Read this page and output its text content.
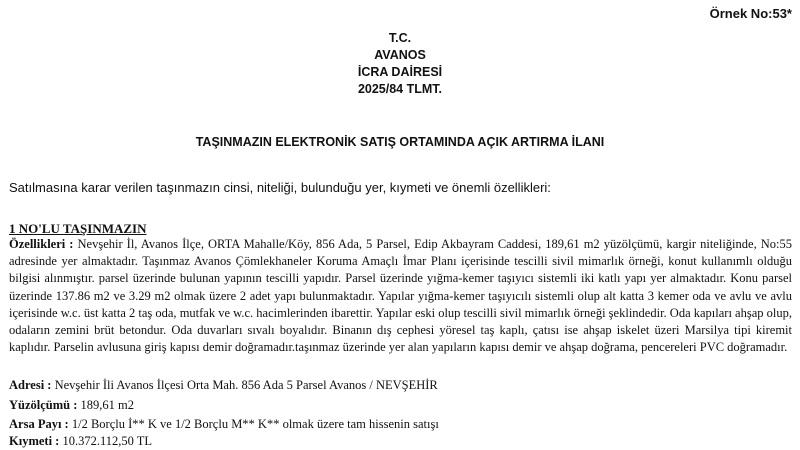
Örnek No:53*
T.C.
AVANOS
İCRA DAİRESİ
2025/84 TLMT.
TAŞINMAZIN ELEKTRONİK SATIŞ ORTAMINDA AÇIK ARTIRMA İLANI
Satılmasına karar verilen taşınmazın cinsi, niteliği, bulunduğu yer, kıymeti ve önemli özellikleri:
1 NO'LU TAŞINMAZIN
Özellikleri : Nevşehir İl, Avanos İlçe, ORTA Mahalle/Köy, 856 Ada, 5 Parsel, Edip Akbayram Caddesi, 189,61 m2 yüzölçümü, kargir niteliğinde, No:55 adresinde yer almaktadır. Taşınmaz Avanos Çömlekhaneler Koruma Amaçlı İmar Planı içerisinde tescilli sivil mimarlık örneği, konut kullanımlı olduğu bilgisi alınmıştır. parsel üzerinde bulunan yapının tescilli yapıdır. Parsel üzerinde yığma-kemer taşıyıcı sistemli iki katlı yapı yer almaktadır. Konu parsel üzerinde 137.86 m2 ve 3.29 m2 olmak üzere 2 adet yapı bulunmaktadır. Yapılar yığma-kemer taşıyıcılı sistemli olup alt katta 3 kemer oda ve avlu ve avlu içerisinde w.c. üst katta 2 taş oda, mutfak ve w.c. hacimlerinden ibarettir. Yapılar eski olup tescilli sivil mimarlık örneği şeklindedir. Oda kapıları ahşap olup, odaların zemini brüt betondur. Oda duvarları sıvalı boyalıdır. Binanın dış cephesi yöresel taş kaplı, çatısı ise ahşap iskelet üzeri Marsilya tipi kiremit kaplıdır. Parselin avlusuna giriş kapısı demir doğramadır.taşınmaz üzerinde yer alan yapıların kapısı demir ve ahşap doğrama, pencereleri PVC doğramadır.
Adresi : Nevşehir İli Avanos İlçesi Orta Mah. 856 Ada 5 Parsel Avanos / NEVŞEHİR
Yüzölçümü : 189,61 m2
Arsa Payı : 1/2 Borçlu İ** K ve 1/2 Borçlu M** K** olmak üzere tam hissenin satışı
Kıymeti : 10.372.112,50 TL
